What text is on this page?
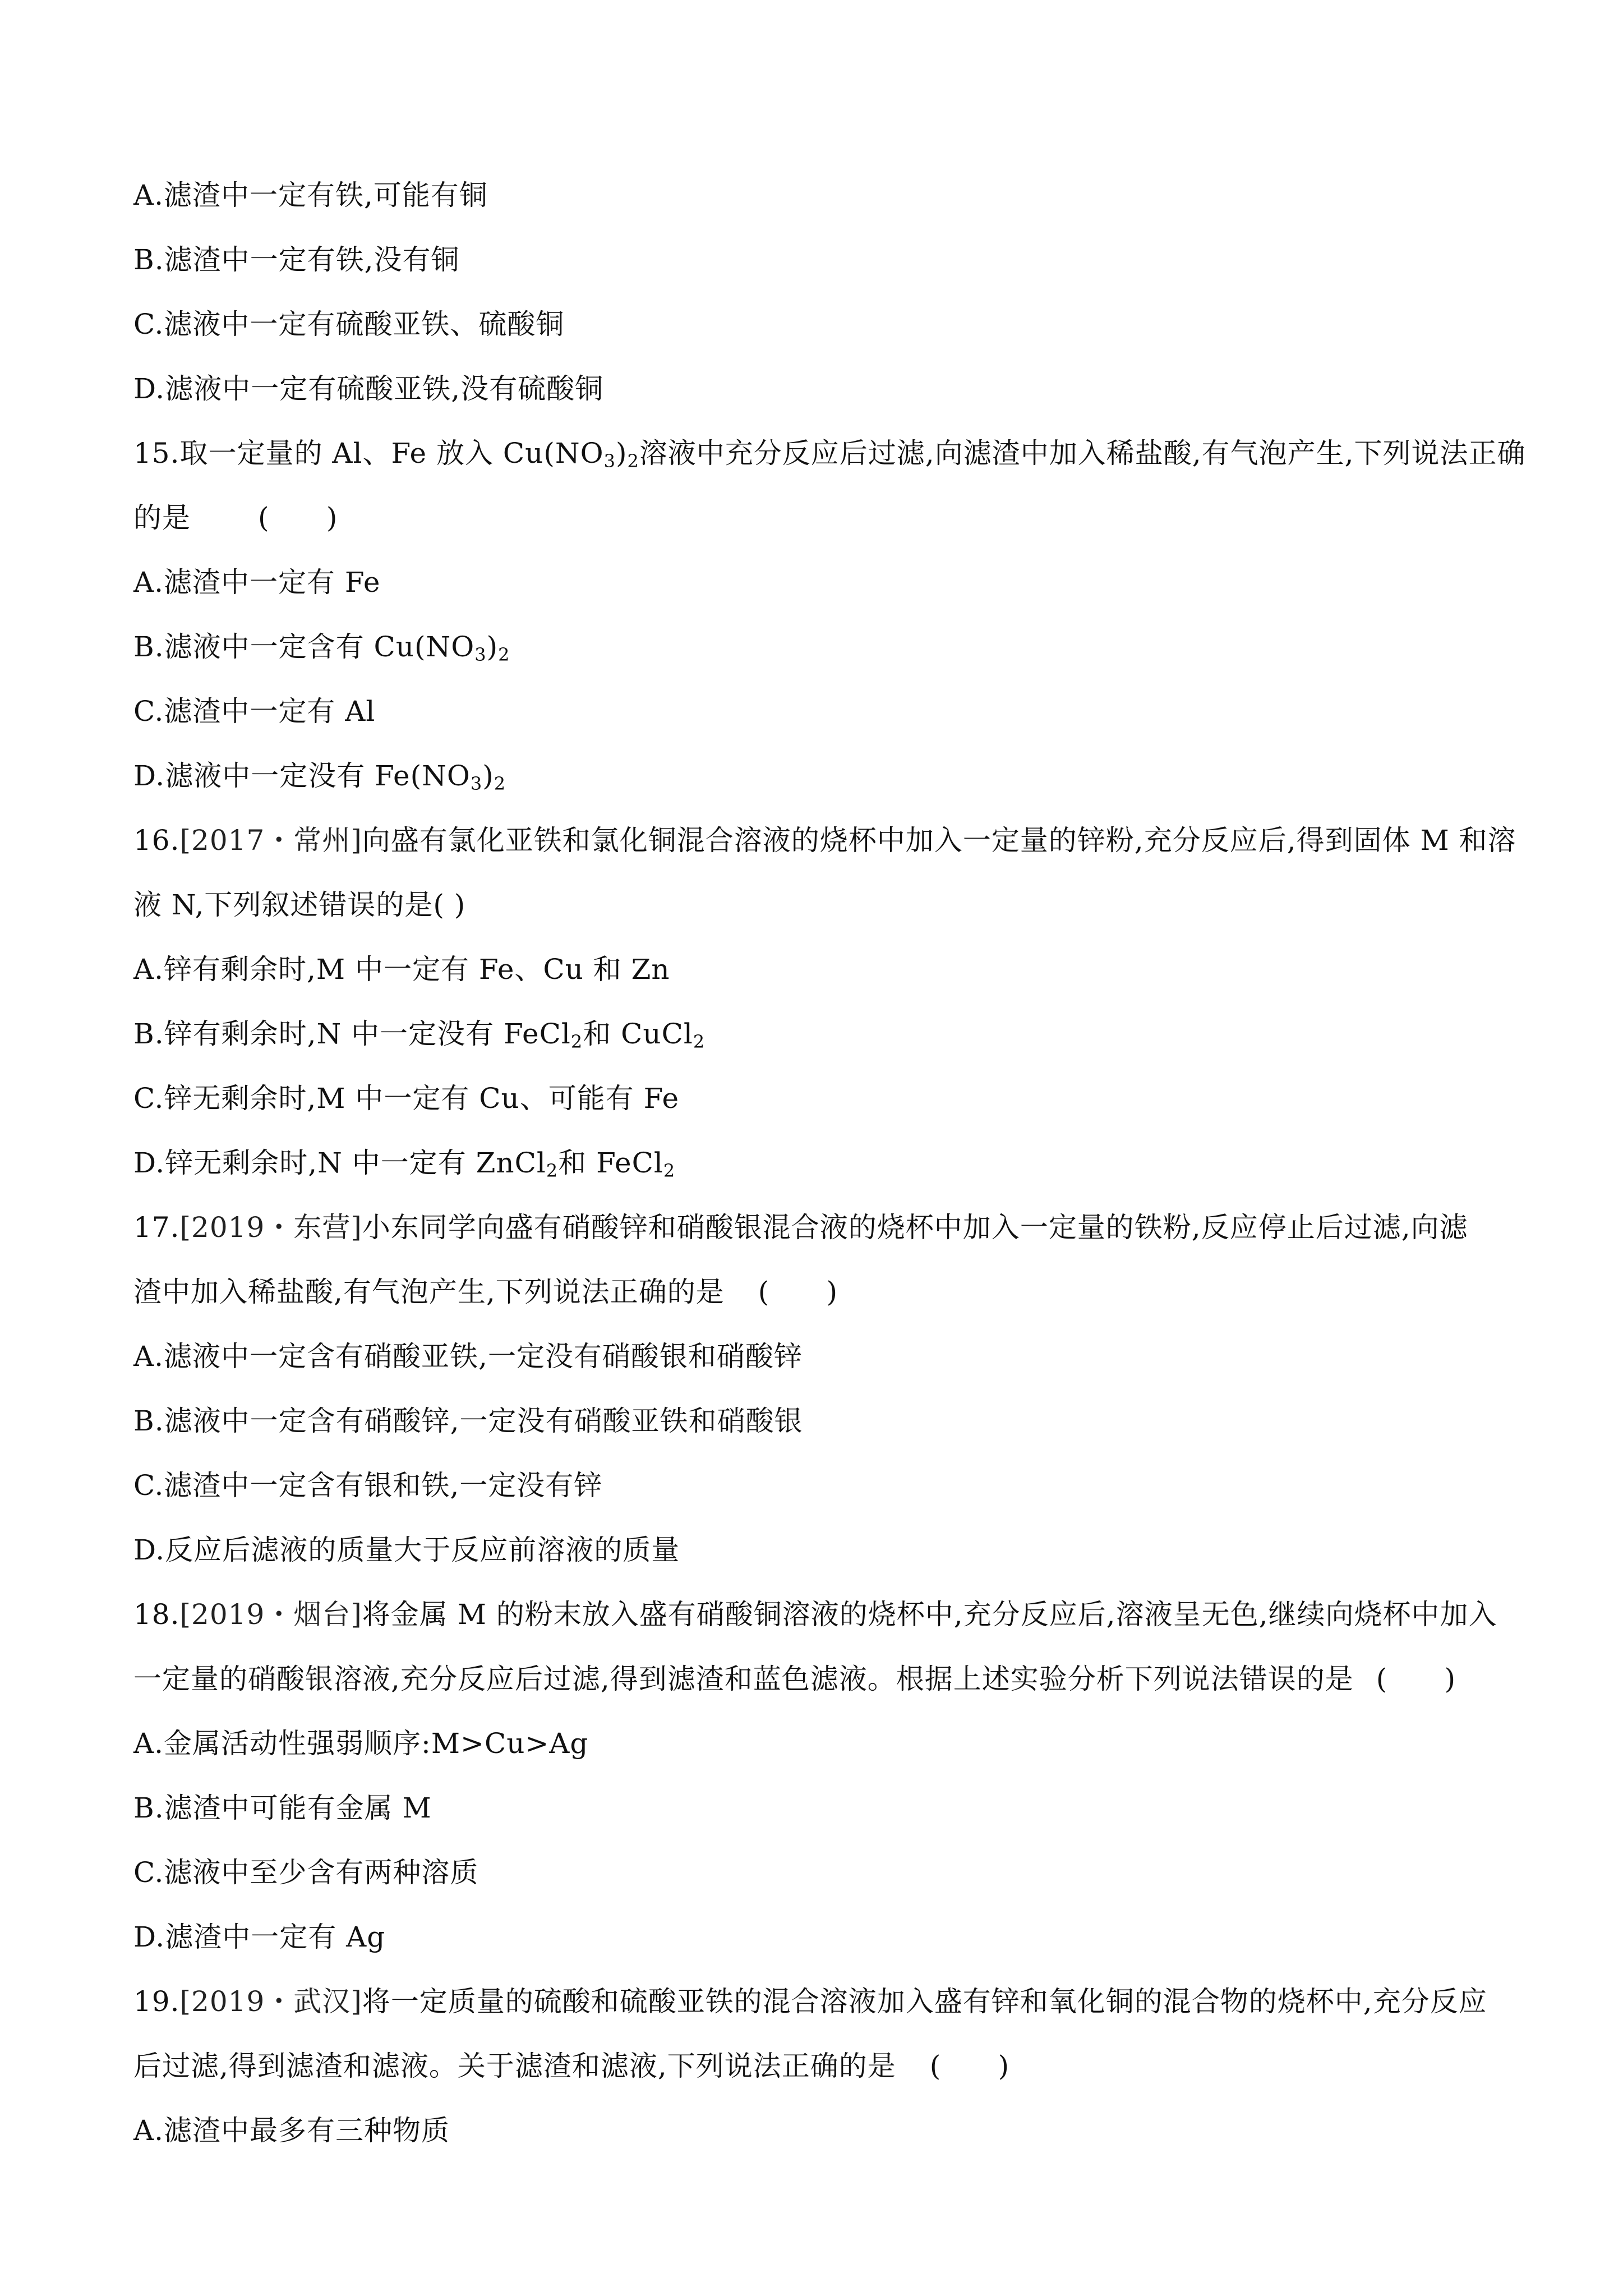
A.滤渣中一定有铁,可能有铜
B.滤渣中一定有铁,没有铜
C.滤液中一定有硫酸亚铁、硫酸铜
D.滤液中一定有硫酸亚铁,没有硫酸铜
15.取一定量的 Al、Fe 放入 $Cu(NO_3)_2$溶液中充分反应后过滤,向滤渣中加入稀盐酸,有气泡产生,下列说法正确
的是 (      )
A.滤渣中一定有 Fe
B.滤液中一定含有 $Cu(NO_3)_2$
C.滤渣中一定有 Al
D.滤液中一定没有 $Fe(NO_3)_2$
16.[2017・常州]向盛有氯化亚铁和氯化铜混合溶液的烧杯中加入一定量的锌粉,充分反应后,得到固体 M 和溶
液 N,下列叙述错误的是( )
A.锌有剩余时,M 中一定有 Fe、Cu 和 Zn
B.锌有剩余时,N 中一定没有 FeCl$_2$和 CuCl$_2$
C.锌无剩余时,M 中一定有 Cu、可能有 Fe
D.锌无剩余时,N 中一定有 ZnCl$_2$和 FeCl$_2$
17.[2019・东营]小东同学向盛有硝酸锌和硝酸银混合液的烧杯中加入一定量的铁粉,反应停止后过滤,向滤
渣中加入稀盐酸,有气泡产生,下列说法正确的是 (      )
A.滤液中一定含有硝酸亚铁,一定没有硝酸银和硝酸锌
B.滤液中一定含有硝酸锌,一定没有硝酸亚铁和硝酸银
C.滤渣中一定含有银和铁,一定没有锌
D.反应后滤液的质量大于反应前溶液的质量
18.[2019・烟台]将金属 M 的粉末放入盛有硝酸铜溶液的烧杯中,充分反应后,溶液呈无色,继续向烧杯中加入
一定量的硝酸银溶液,充分反应后过滤,得到滤渣和蓝色滤液。根据上述实验分析下列说法错误的是 (      )
A.金属活动性强弱顺序:M>Cu>Ag
B.滤渣中可能有金属 M
C.滤液中至少含有两种溶质
D.滤渣中一定有 Ag
19.[2019・武汉]将一定质量的硫酸和硫酸亚铁的混合溶液加入盛有锌和氧化铜的混合物的烧杯中,充分反应
后过滤,得到滤渣和滤液。关于滤渣和滤液,下列说法正确的是 (      )
A.滤渣中最多有三种物质
